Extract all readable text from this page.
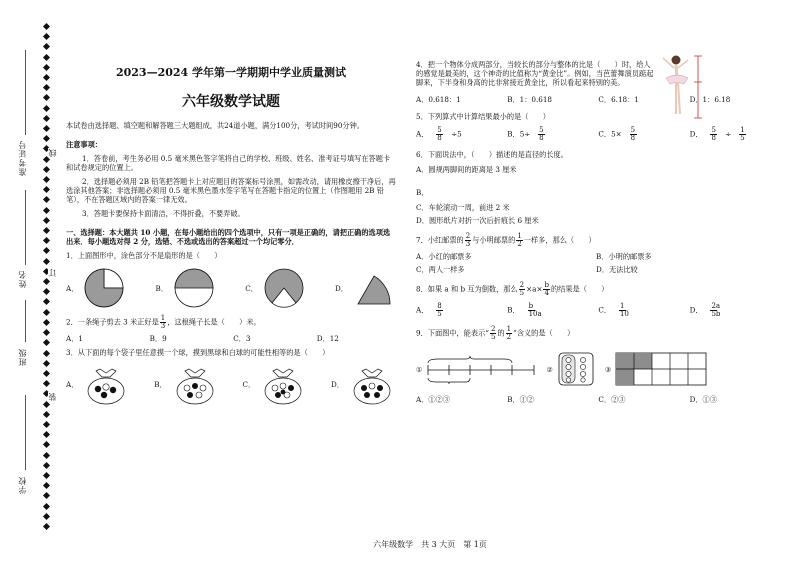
准考证号
姓名
班级
学校
线
订
装
2023—2024 学年第一学期期中学业质量测试
六年级数学试题

本试卷由选择题、填空题和解答题三大题组成，共24道小题，满分100分，考试时间90分钟。

注意事项：

1．答卷前，考生务必用 0.5 毫米黑色签字笔将自己的学校、班级、姓名、准考证号填写在答题卡和试卷规定的位置上。

2．选择题必须用 2B 铅笔把答题卡上对应题目的答案标号涂黑，如需改动，请用橡皮擦干净后，再选涂其他答案；非选择题必须用 0.5 毫米黑色墨水签字笔写在答题卡指定的位置上（作图题用 2B 铅笔），不在答题区域内的答案一律无效。

3．答题卡要保持卡面清洁，不得折叠，不要弄破。

一、选择题：本大题共 10 小题，在每小题给出的四个选项中，只有一项是正确的，请把正确的选项选出来．每小题选对得 2 分，选错、不选或选出的答案超过一个均记零分．

1．上面图形中，涂色部分不是扇形的是（　　）

A．	B．	C．	D．

2．一条绳子剪去 3 米正好是 $\frac{1}{3}$ ，这根绳子长是（　　）米。

A．1	B．9	C．3	D．12

3．从下面的每个袋子里任意摸一个球，摸到黑球和白球的可能性相等的是（　　）

A．	B．	C．	D．

4．把一个物体分成两部分，当较长的部分与整体的比是（　　）时，给人的感觉是最美的，这个神奇的比值称为“黄金比”。例如，当芭蕾舞演员踮起脚来，下半身和身高的比非常接近黄金比，所以看起来特别的美。

A．0.618：1	B．1：0.618	C．6.18：1	D．1：6.18

5．下列算式中计算结果最小的是（　　）

A． $\frac{5}{8} \div 5$	B．$5\div \frac{5}{8}$	C．$5\times \frac{5}{8}$	D． $\frac{5}{8} \div \frac{1}{5}$

6．下面说法中，（　　）描述的是直径的长度。

A．圆规两脚间的距离是 3 厘米

B．

C．车轮滚动一周，前进 2 米

D．圆形纸片对折一次后折痕长 6 厘米

7．小红邮票的 $\frac{2}{3}$ 与小明邮票的 $\frac{1}{2}$ 一样多，那么（　　）

A．小红的邮票多	B．小明的邮票多
C．两人一样多	D．无法比较

8．如果 a 和 b 互为倒数，那么 $\frac{2}{5} \times a\times \frac{b}{4}$ 的结果是（　　）

A． $\frac{8}{5}$	B． $\frac{b}{10a}$	C． $\frac{1}{10}$	D． $\frac{2a}{5b}$

9．下面图中，能表示“ $\frac{2}{5}$ 的 $\frac{1}{2}$ ”含义的是（　　）

①	②	③
A．①②③	B．①②	C．②③	D．①③
六年级数学　共 3 大页　第 1页
